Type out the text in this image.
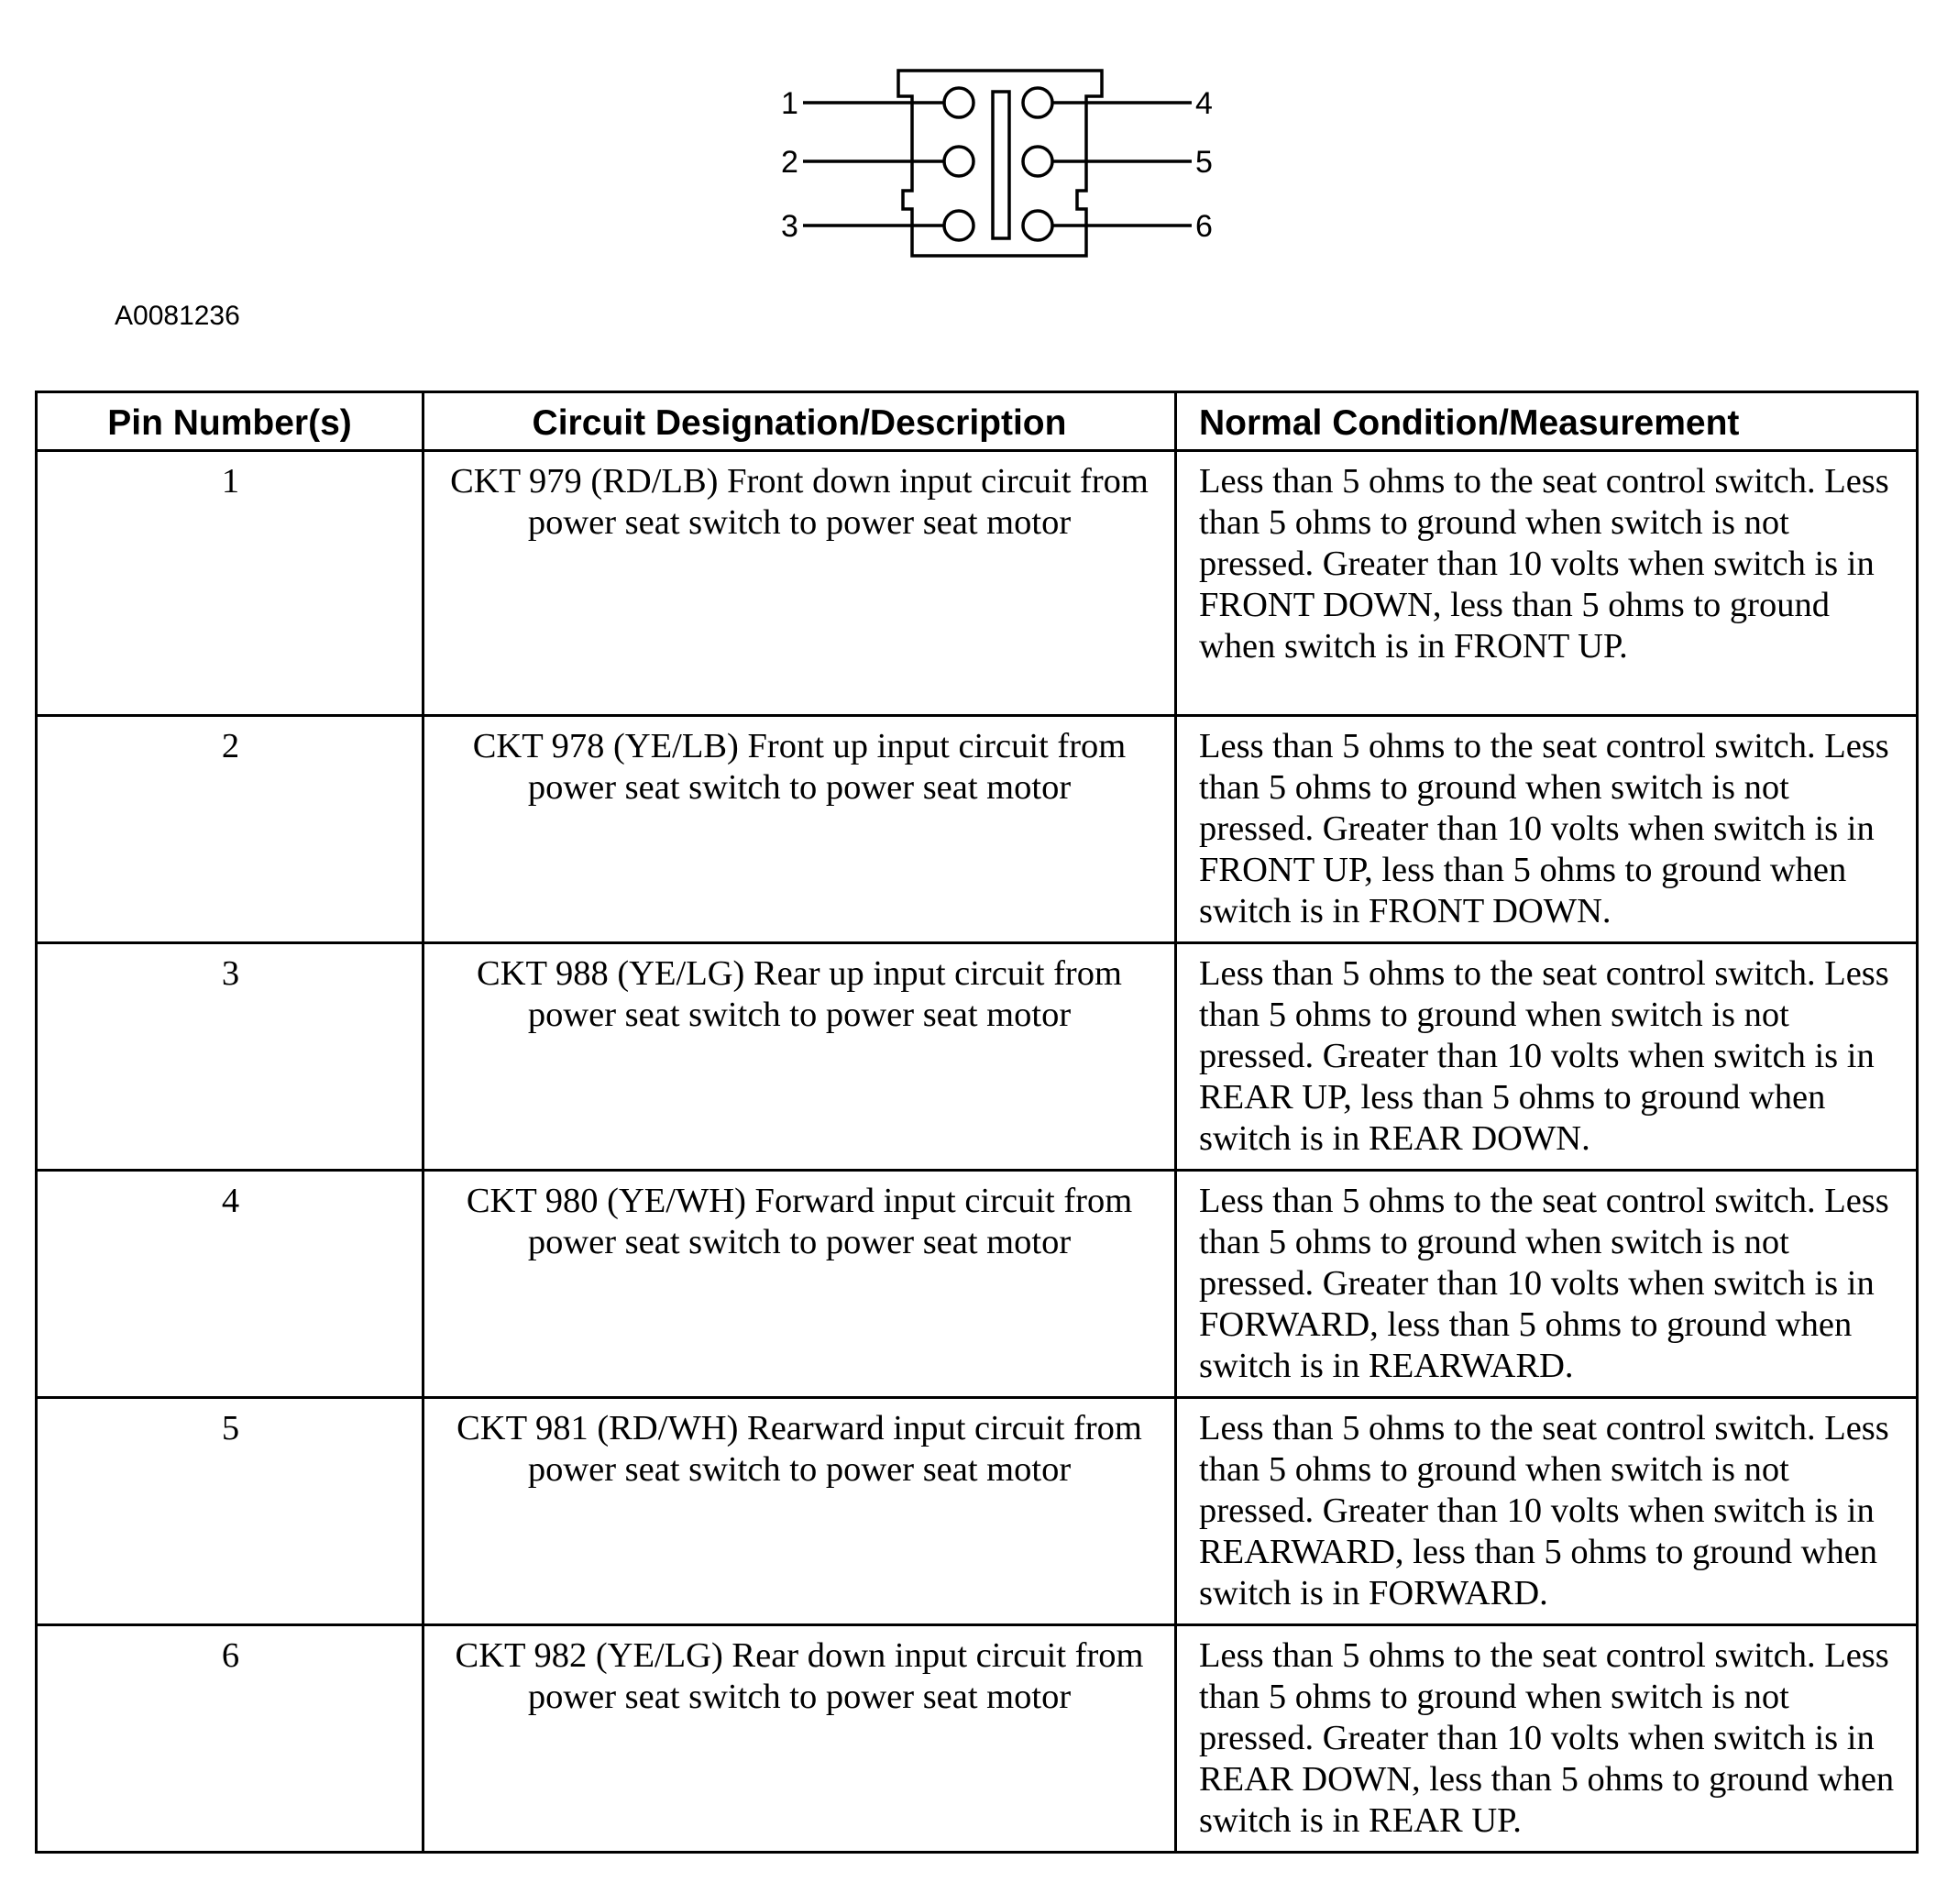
1
2
3
4
5
6
A0081236
Pin Number(s)	Circuit Designation/Description	Normal Condition/Measurement
1	CKT 979 (RD/LB) Front down input circuit from power seat switch to power seat motor	Less than 5 ohms to the seat control switch. Less than 5 ohms to ground when switch is not pressed. Greater than 10 volts when switch is in FRONT DOWN, less than 5 ohms to ground when switch is in FRONT UP.
2	CKT 978 (YE/LB) Front up input circuit from power seat switch to power seat motor	Less than 5 ohms to the seat control switch. Less than 5 ohms to ground when switch is not pressed. Greater than 10 volts when switch is in FRONT UP, less than 5 ohms to ground when switch is in FRONT DOWN.
3	CKT 988 (YE/LG) Rear up input circuit from power seat switch to power seat motor	Less than 5 ohms to the seat control switch. Less than 5 ohms to ground when switch is not pressed. Greater than 10 volts when switch is in REAR UP, less than 5 ohms to ground when switch is in REAR DOWN.
4	CKT 980 (YE/WH) Forward input circuit from power seat switch to power seat motor	Less than 5 ohms to the seat control switch. Less than 5 ohms to ground when switch is not pressed. Greater than 10 volts when switch is in FORWARD, less than 5 ohms to ground when switch is in REARWARD.
5	CKT 981 (RD/WH) Rearward input circuit from power seat switch to power seat motor	Less than 5 ohms to the seat control switch. Less than 5 ohms to ground when switch is not pressed. Greater than 10 volts when switch is in REARWARD, less than 5 ohms to ground when switch is in FORWARD.
6	CKT 982 (YE/LG) Rear down input circuit from power seat switch to power seat motor	Less than 5 ohms to the seat control switch. Less than 5 ohms to ground when switch is not pressed. Greater than 10 volts when switch is in REAR DOWN, less than 5 ohms to ground when switch is in REAR UP.
